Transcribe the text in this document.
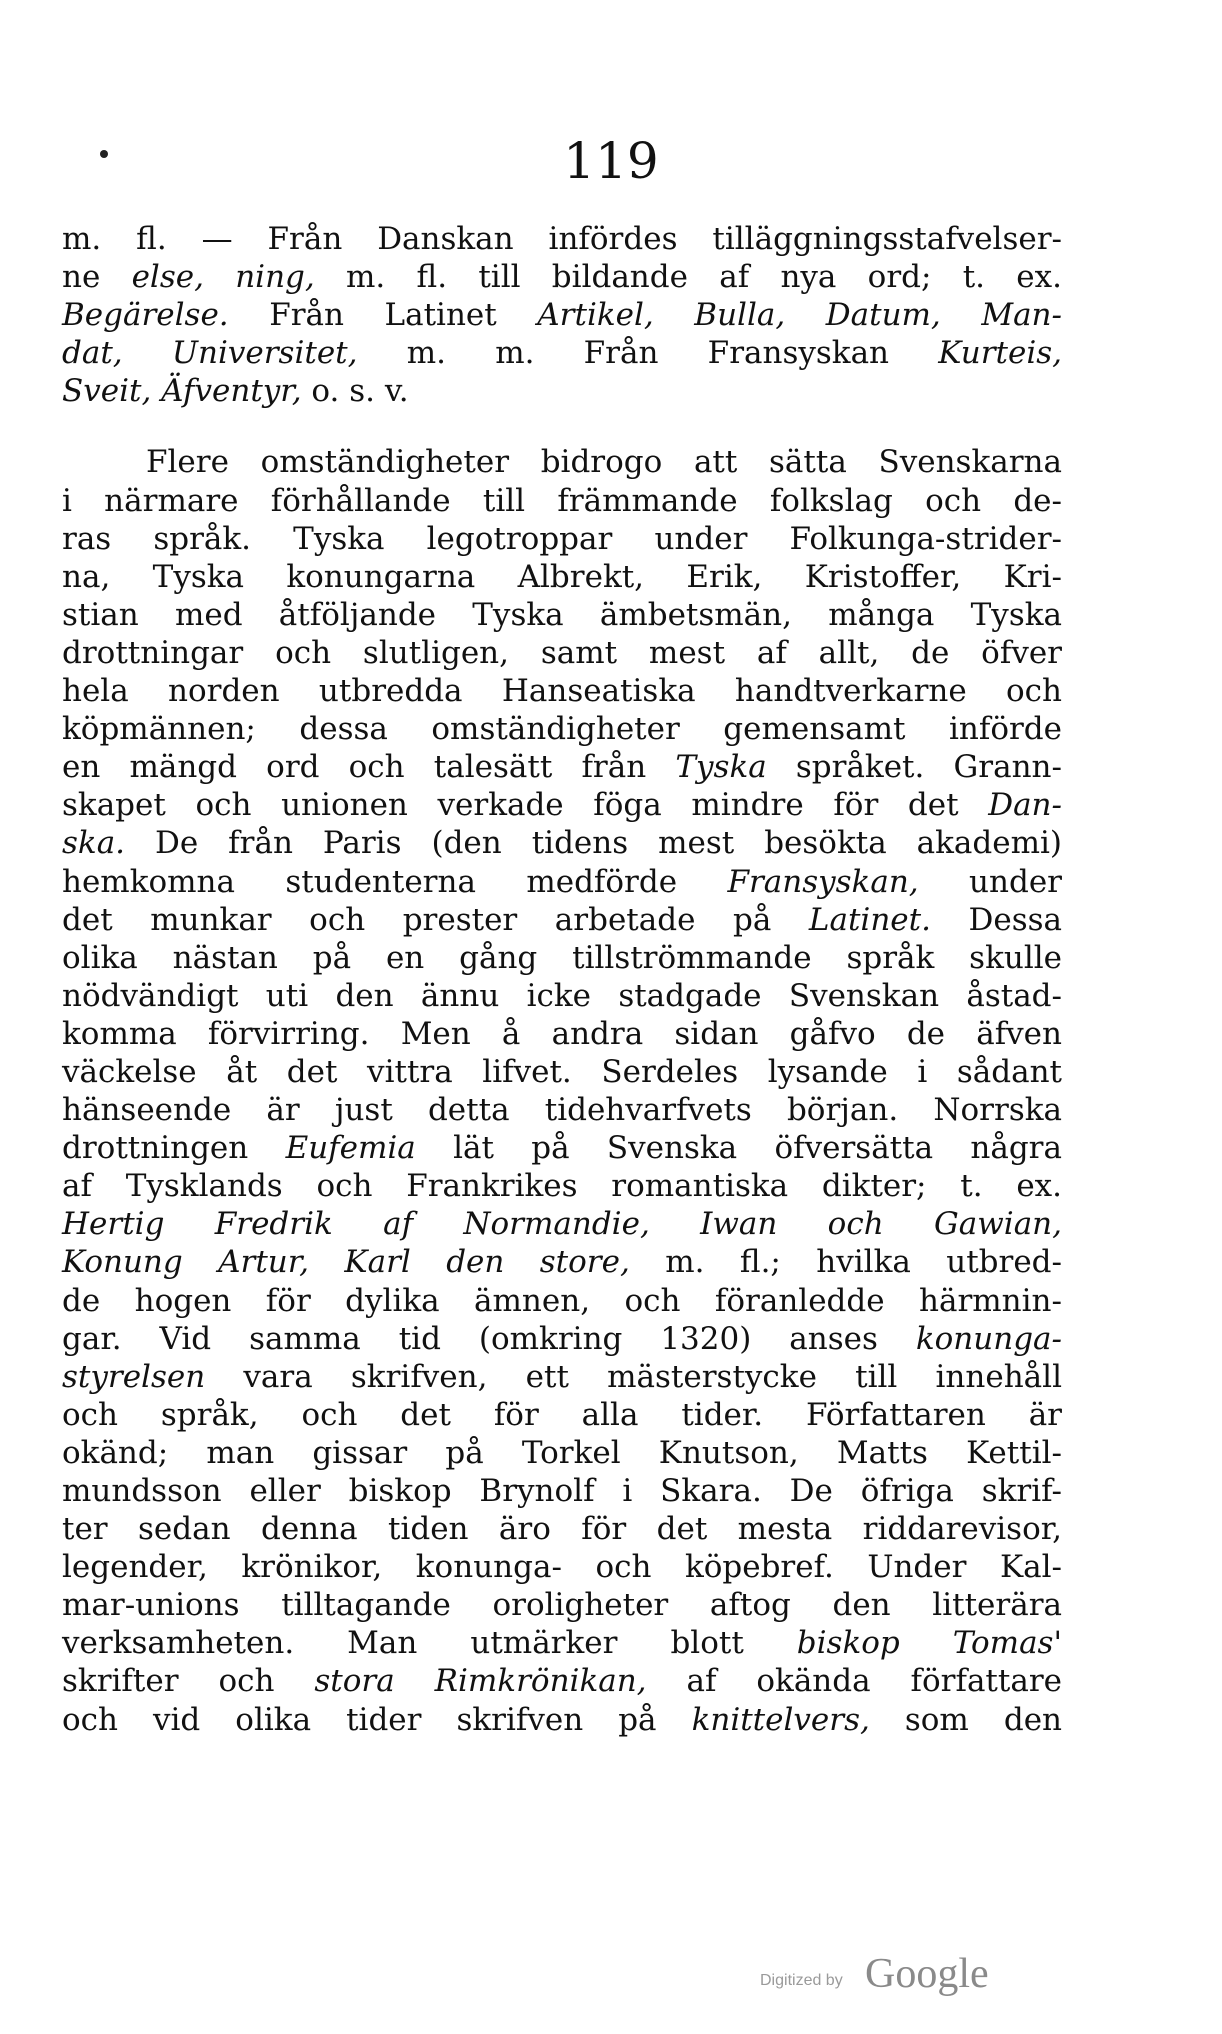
119
m. fl. — Från Danskan infördes tilläggningsstafvelser-
ne else, ning, m. fl. till bildande af nya ord; t. ex.
Begärelse. Från Latinet Artikel, Bulla, Datum, Man-
dat, Universitet, m. m. Från Fransyskan Kurteis,
Sveit, Äfventyr, o. s. v.
Flere omständigheter bidrogo att sätta Svenskarna
i närmare förhållande till främmande folkslag och de-
ras språk. Tyska legotroppar under Folkunga-strider-
na, Tyska konungarna Albrekt, Erik, Kristoffer, Kri-
stian med åtföljande Tyska ämbetsmän, många Tyska
drottningar och slutligen, samt mest af allt, de öfver
hela norden utbredda Hanseatiska handtverkarne och
köpmännen; dessa omständigheter gemensamt införde
en mängd ord och talesätt från Tyska språket. Grann-
skapet och unionen verkade föga mindre för det Dan-
ska. De från Paris (den tidens mest besökta akademi)
hemkomna studenterna medförde Fransyskan, under
det munkar och prester arbetade på Latinet. Dessa
olika nästan på en gång tillströmmande språk skulle
nödvändigt uti den ännu icke stadgade Svenskan åstad-
komma förvirring. Men å andra sidan gåfvo de äfven
väckelse åt det vittra lifvet. Serdeles lysande i sådant
hänseende är just detta tidehvarfvets början. Norrska
drottningen Eufemia lät på Svenska öfversätta några
af Tysklands och Frankrikes romantiska dikter; t. ex.
Hertig Fredrik af Normandie, Iwan och Gawian,
Konung Artur, Karl den store, m. fl.; hvilka utbred-
de hogen för dylika ämnen, och föranledde härmnin-
gar. Vid samma tid (omkring 1320) anses konunga-
styrelsen vara skrifven, ett mästerstycke till innehåll
och språk, och det för alla tider. Författaren är
okänd; man gissar på Torkel Knutson, Matts Kettil-
mundsson eller biskop Brynolf i Skara. De öfriga skrif-
ter sedan denna tiden äro för det mesta riddarevisor,
legender, krönikor, konunga- och köpebref. Under Kal-
mar-unions tilltagande oroligheter aftog den litterära
verksamheten. Man utmärker blott biskop Tomas'
skrifter och stora Rimkrönikan, af okända författare
och vid olika tider skrifven på knittelvers, som den
Digitized by Google
